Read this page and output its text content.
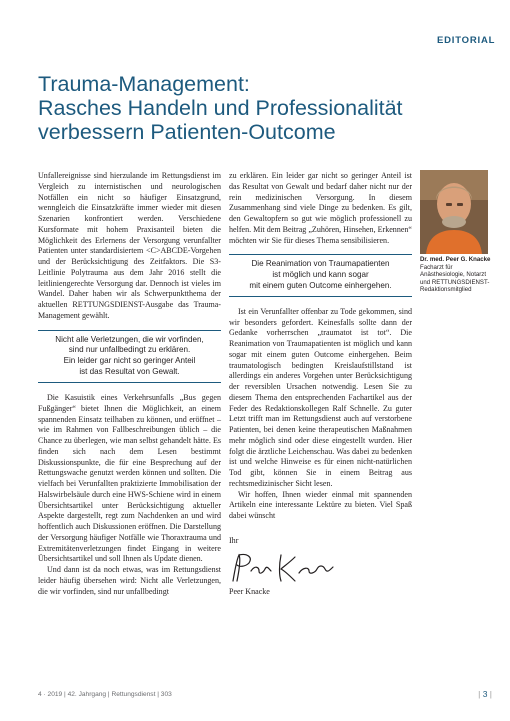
EDITORIAL
Trauma-Management:
Rasches Handeln und Professionalität
verbessern Patienten-Outcome

Unfallereignisse sind hierzulande im Rettungsdienst im Vergleich zu internistischen und neurologischen Notfällen ein nicht so häufiger Einsatzgrund, wenngleich die Einsatzkräfte immer wieder mit diesen Szenarien konfrontiert werden. Verschiedene Kursformate mit hohem Praxisanteil bieten die Möglichkeit des Erlernens der Versorgung verunfallter Patienten unter standardisiertem <C>ABCDE-Vorgehen und der Berücksichtigung des Zeitfaktors. Die S3-Leitlinie Polytrauma aus dem Jahr 2016 stellt die leitliniengerechte Versorgung dar. Dennoch ist vieles im Wandel. Daher haben wir als Schwerpunktthema der aktuellen RETTUNGSDIENST-Ausgabe das Trauma-Management gewählt.

Nicht alle Verletzungen, die wir vorfinden,
sind nur unfallbedingt zu erklären.
Ein leider gar nicht so geringer Anteil
ist das Resultat von Gewalt.

Die Kasuistik eines Verkehrsunfalls „Bus gegen Fußgänger“ bietet Ihnen die Möglichkeit, an einem spannenden Einsatz teilhaben zu können, und eröffnet – wie im Rahmen von Fallbeschreibungen üblich – die Chance zu überlegen, wie man selbst gehandelt hätte. Es finden sich nach dem Lesen bestimmt Diskussionspunkte, die für eine Besprechung auf der Rettungswache genutzt werden können und sollten. Die vielfach bei Verunfallten praktizierte Immobilisation der Halswirbelsäule durch eine HWS-Schiene wird in einem Übersichtsartikel unter Berücksichtigung aktueller Aspekte dargestellt, regt zum Nachdenken an und wird hoffentlich auch Diskussionen eröffnen. Die Darstellung der Versorgung häufiger Notfälle wie Thoraxtrauma und Extremitätenverletzungen findet Eingang in weitere Übersichtsartikel und soll Ihnen als Update dienen.

Und dann ist da noch etwas, was im Rettungsdienst leider häufig übersehen wird: Nicht alle Verletzungen, die wir vorfinden, sind nur unfallbedingt

zu erklären. Ein leider gar nicht so geringer Anteil ist das Resultat von Gewalt und bedarf daher nicht nur der rein medizinischen Versorgung. In diesem Zusammenhang sind viele Dinge zu bedenken. Es gilt, den Gewaltopfern so gut wie möglich professionell zu helfen. Mit dem Beitrag „Zuhören, Hinsehen, Erkennen“ möchten wir Sie für dieses Thema sensibilisieren.

Die Reanimation von Traumapatienten
ist möglich und kann sogar
mit einem guten Outcome einhergehen.

Ist ein Verunfallter offenbar zu Tode gekommen, sind wir besonders gefordert. Keinesfalls sollte dann der Gedanke vorherrschen „traumatot ist tot“. Die Reanimation von Traumapatienten ist möglich und kann sogar mit einem guten Outcome einhergehen. Beim traumatologisch bedingten Kreislaufstillstand ist allerdings ein anderes Vorgehen unter Berücksichtigung der reversiblen Ursachen notwendig. Lesen Sie zu diesem Thema den entsprechenden Fachartikel aus der Feder des Redaktionskollegen Ralf Schnelle. Zu guter Letzt trifft man im Rettungsdienst auch auf verstorbene Patienten, bei denen keine therapeutischen Maßnahmen mehr möglich sind oder diese eingestellt wurden. Hier folgt die ärztliche Leichenschau. Was dabei zu bedenken ist und welche Hinweise es für einen nicht-natürlichen Tod gibt, können Sie in einem Beitrag aus rechtsmedizinischer Sicht lesen.

Wir hoffen, Ihnen wieder einmal mit spannenden Artikeln eine interessante Lektüre zu bieten. Viel Spaß dabei wünscht

Ihr

Peer Knacke

Dr. med. Peer G. Knacke
Facharzt für Anästhesiologie, Notarzt und RETTUNGSDIENST-Redaktionsmitglied
4 · 2019 | 42. Jahrgang | Rettungsdienst | 303	| 3 |
